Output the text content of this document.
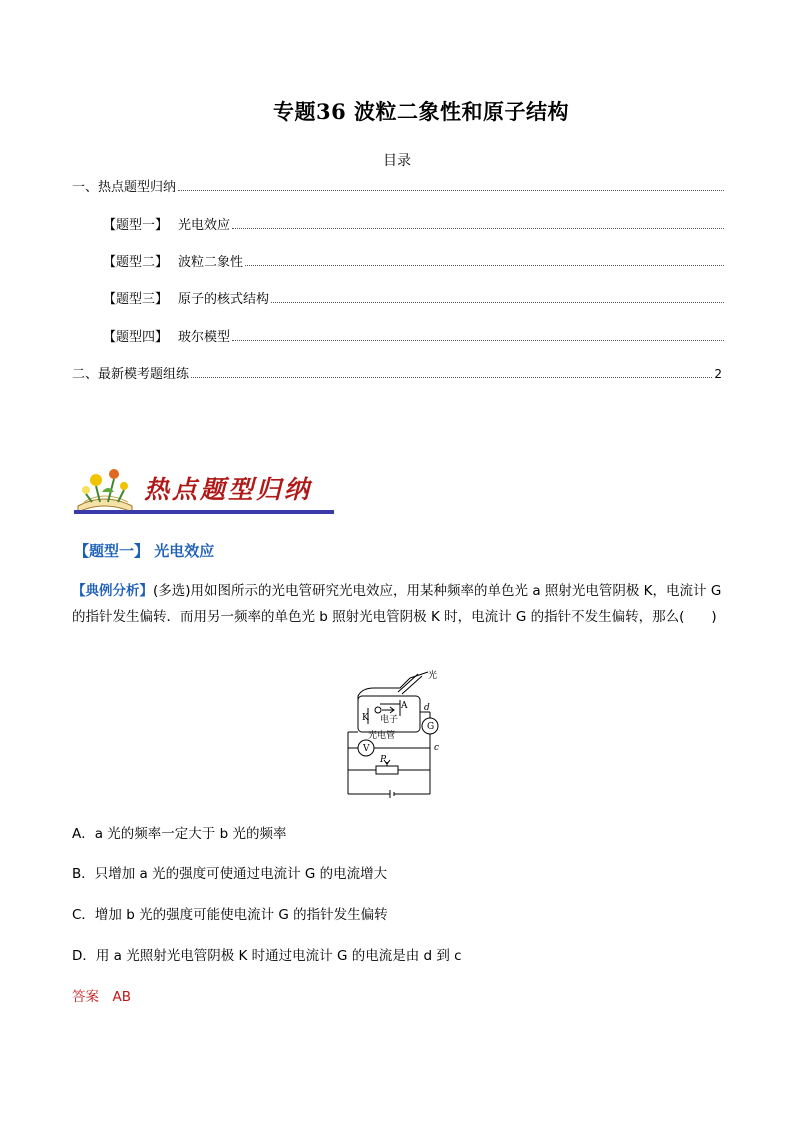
专题36 波粒二象性和原子结构
目录
一、热点题型归纳
【题型一】 光电效应
【题型二】 波粒二象性
【题型三】 原子的核式结构
【题型四】 玻尔模型
二、最新模考题组练	2
热点题型归纳
【题型一】 光电效应
【典例分析】(多选)用如图所示的光电管研究光电效应，用某种频率的单色光 a 照射光电管阴极 K，电流计 G 的指针发生偏转．而用另一频率的单色光 b 照射光电管阴极 K 时，电流计 G 的指针不发生偏转，那么(　　)
光
A
K 电子
光电管
G
V
d
c
P
A．a 光的频率一定大于 b 光的频率
B．只增加 a 光的强度可使通过电流计 G 的电流增大
C．增加 b 光的强度可能使电流计 G 的指针发生偏转
D．用 a 光照射光电管阴极 K 时通过电流计 G 的电流是由 d 到 c
答案　AB
